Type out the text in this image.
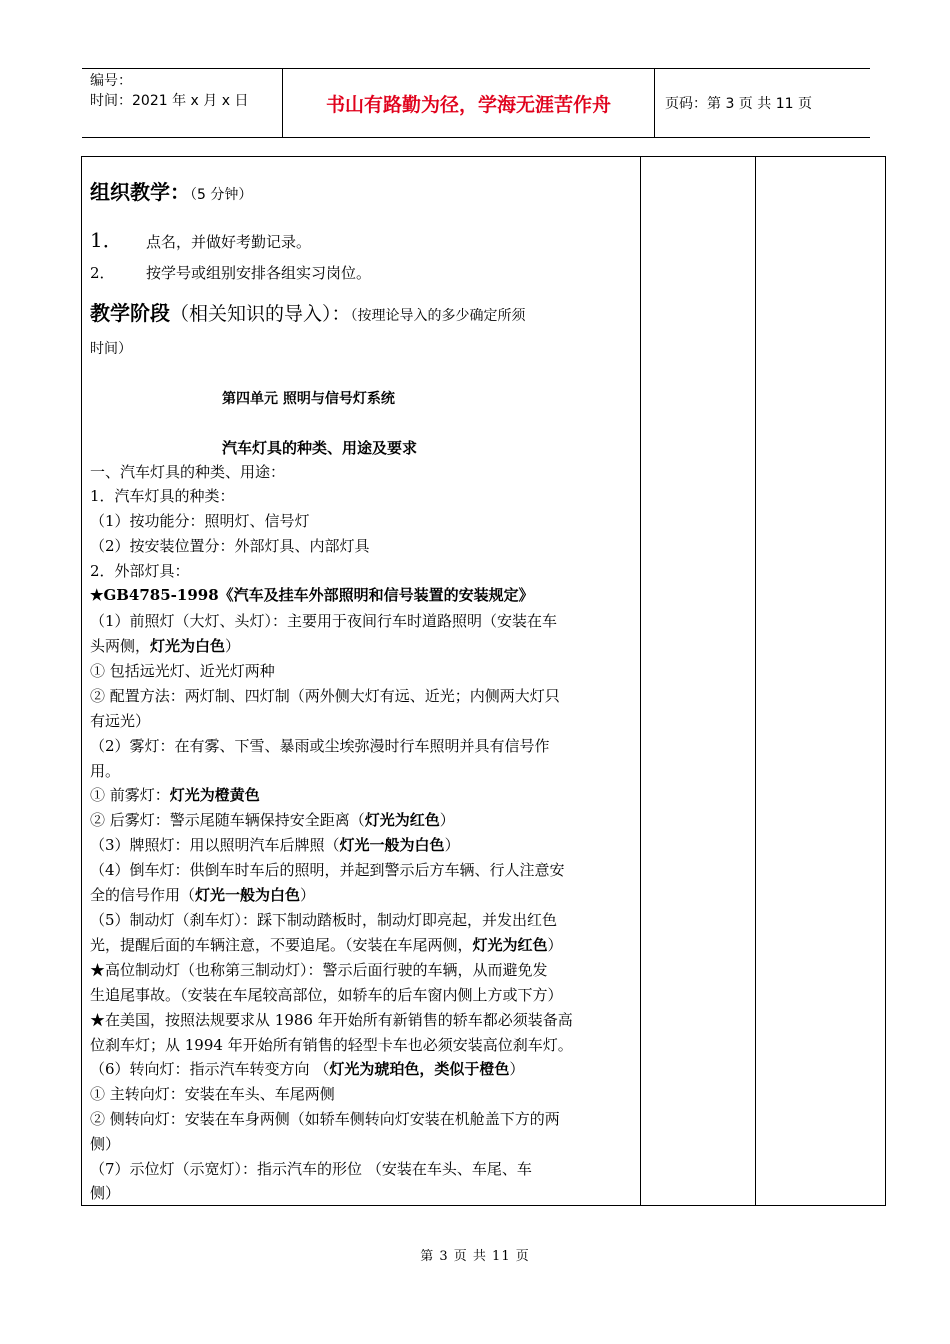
编号：
时间：2021 年 x 月 x 日	书山有路勤为径，学海无涯苦作舟	页码：第 3 页 共 11 页
组织教学：（5 分钟）
1． 点名，并做好考勤记录。
2． 按学号或组别安排各组实习岗位。
教学阶段（相关知识的导入）：（按理论导入的多少确定所须
时间）
第四单元 照明与信号灯系统
汽车灯具的种类、用途及要求
一、汽车灯具的种类、用途：
1．汽车灯具的种类：
（1）按功能分：照明灯、信号灯
（2）按安装位置分：外部灯具、内部灯具
2．外部灯具：
★GB4785-1998《汽车及挂车外部照明和信号装置的安装规定》
（1）前照灯（大灯、头灯）：主要用于夜间行车时道路照明（安装在车
头两侧，灯光为白色）
① 包括远光灯、近光灯两种
② 配置方法：两灯制、四灯制（两外侧大灯有远、近光；内侧两大灯只
有远光）
（2）雾灯：在有雾、下雪、暴雨或尘埃弥漫时行车照明并具有信号作
用。
① 前雾灯：灯光为橙黄色
② 后雾灯：警示尾随车辆保持安全距离（灯光为红色）
（3）牌照灯：用以照明汽车后牌照（灯光一般为白色）
（4）倒车灯：供倒车时车后的照明，并起到警示后方车辆、行人注意安
全的信号作用（灯光一般为白色）
（5）制动灯（刹车灯）：踩下制动踏板时，制动灯即亮起，并发出红色
光，提醒后面的车辆注意，不要追尾。（安装在车尾两侧，灯光为红色）
★高位制动灯（也称第三制动灯）：警示后面行驶的车辆，从而避免发
生追尾事故。（安装在车尾较高部位，如轿车的后车窗内侧上方或下方）
★在美国，按照法规要求从 1986 年开始所有新销售的轿车都必须装备高
位刹车灯；从 1994 年开始所有销售的轻型卡车也必须安装高位刹车灯。
（6）转向灯：指示汽车转变方向 （灯光为琥珀色，类似于橙色）
① 主转向灯：安装在车头、车尾两侧
② 侧转向灯：安装在车身两侧（如轿车侧转向灯安装在机舱盖下方的两
侧）
（7）示位灯（示宽灯）：指示汽车的形位 （安装在车头、车尾、车
侧）
第 3 页 共 11 页
